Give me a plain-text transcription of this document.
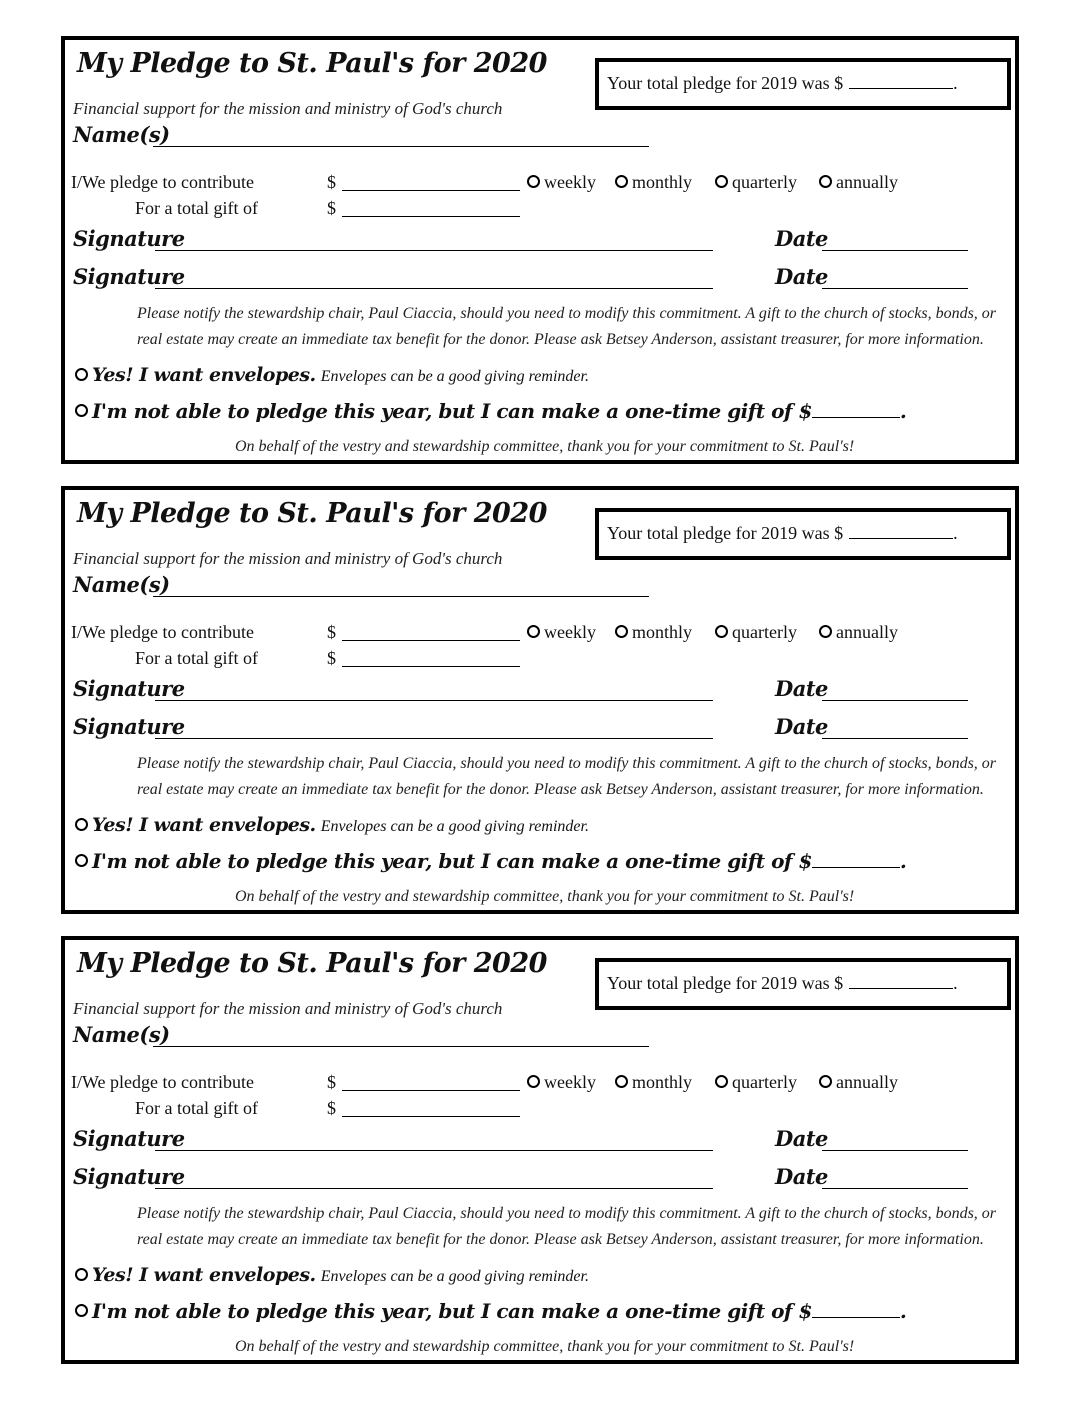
My Pledge to St. Paul's for 2020
Your total pledge for 2019 was $	.
Financial support for the mission and ministry of God's church
Name(s)
I/We pledge to contribute	$	weekly	monthly	quarterly	annually
For a total gift of	$
Signature	Date
Signature	Date
Please notify the stewardship chair, Paul Ciaccia, should you need to modify this commitment. A gift to the church of stocks, bonds, or
real estate may create an immediate tax benefit for the donor. Please ask Betsey Anderson, assistant treasurer, for more information.
Yes! I want envelopes. Envelopes can be a good giving reminder.
I'm not able to pledge this year, but I can make a one-time gift of $	.
On behalf of the vestry and stewardship committee, thank you for your commitment to St. Paul's!
My Pledge to St. Paul's for 2020
Your total pledge for 2019 was $	.
Financial support for the mission and ministry of God's church
Name(s)
I/We pledge to contribute	$	weekly	monthly	quarterly	annually
For a total gift of	$
Signature	Date
Signature	Date
Please notify the stewardship chair, Paul Ciaccia, should you need to modify this commitment. A gift to the church of stocks, bonds, or
real estate may create an immediate tax benefit for the donor. Please ask Betsey Anderson, assistant treasurer, for more information.
Yes! I want envelopes. Envelopes can be a good giving reminder.
I'm not able to pledge this year, but I can make a one-time gift of $	.
On behalf of the vestry and stewardship committee, thank you for your commitment to St. Paul's!
My Pledge to St. Paul's for 2020
Your total pledge for 2019 was $	.
Financial support for the mission and ministry of God's church
Name(s)
I/We pledge to contribute	$	weekly	monthly	quarterly	annually
For a total gift of	$
Signature	Date
Signature	Date
Please notify the stewardship chair, Paul Ciaccia, should you need to modify this commitment. A gift to the church of stocks, bonds, or
real estate may create an immediate tax benefit for the donor. Please ask Betsey Anderson, assistant treasurer, for more information.
Yes! I want envelopes. Envelopes can be a good giving reminder.
I'm not able to pledge this year, but I can make a one-time gift of $	.
On behalf of the vestry and stewardship committee, thank you for your commitment to St. Paul's!
